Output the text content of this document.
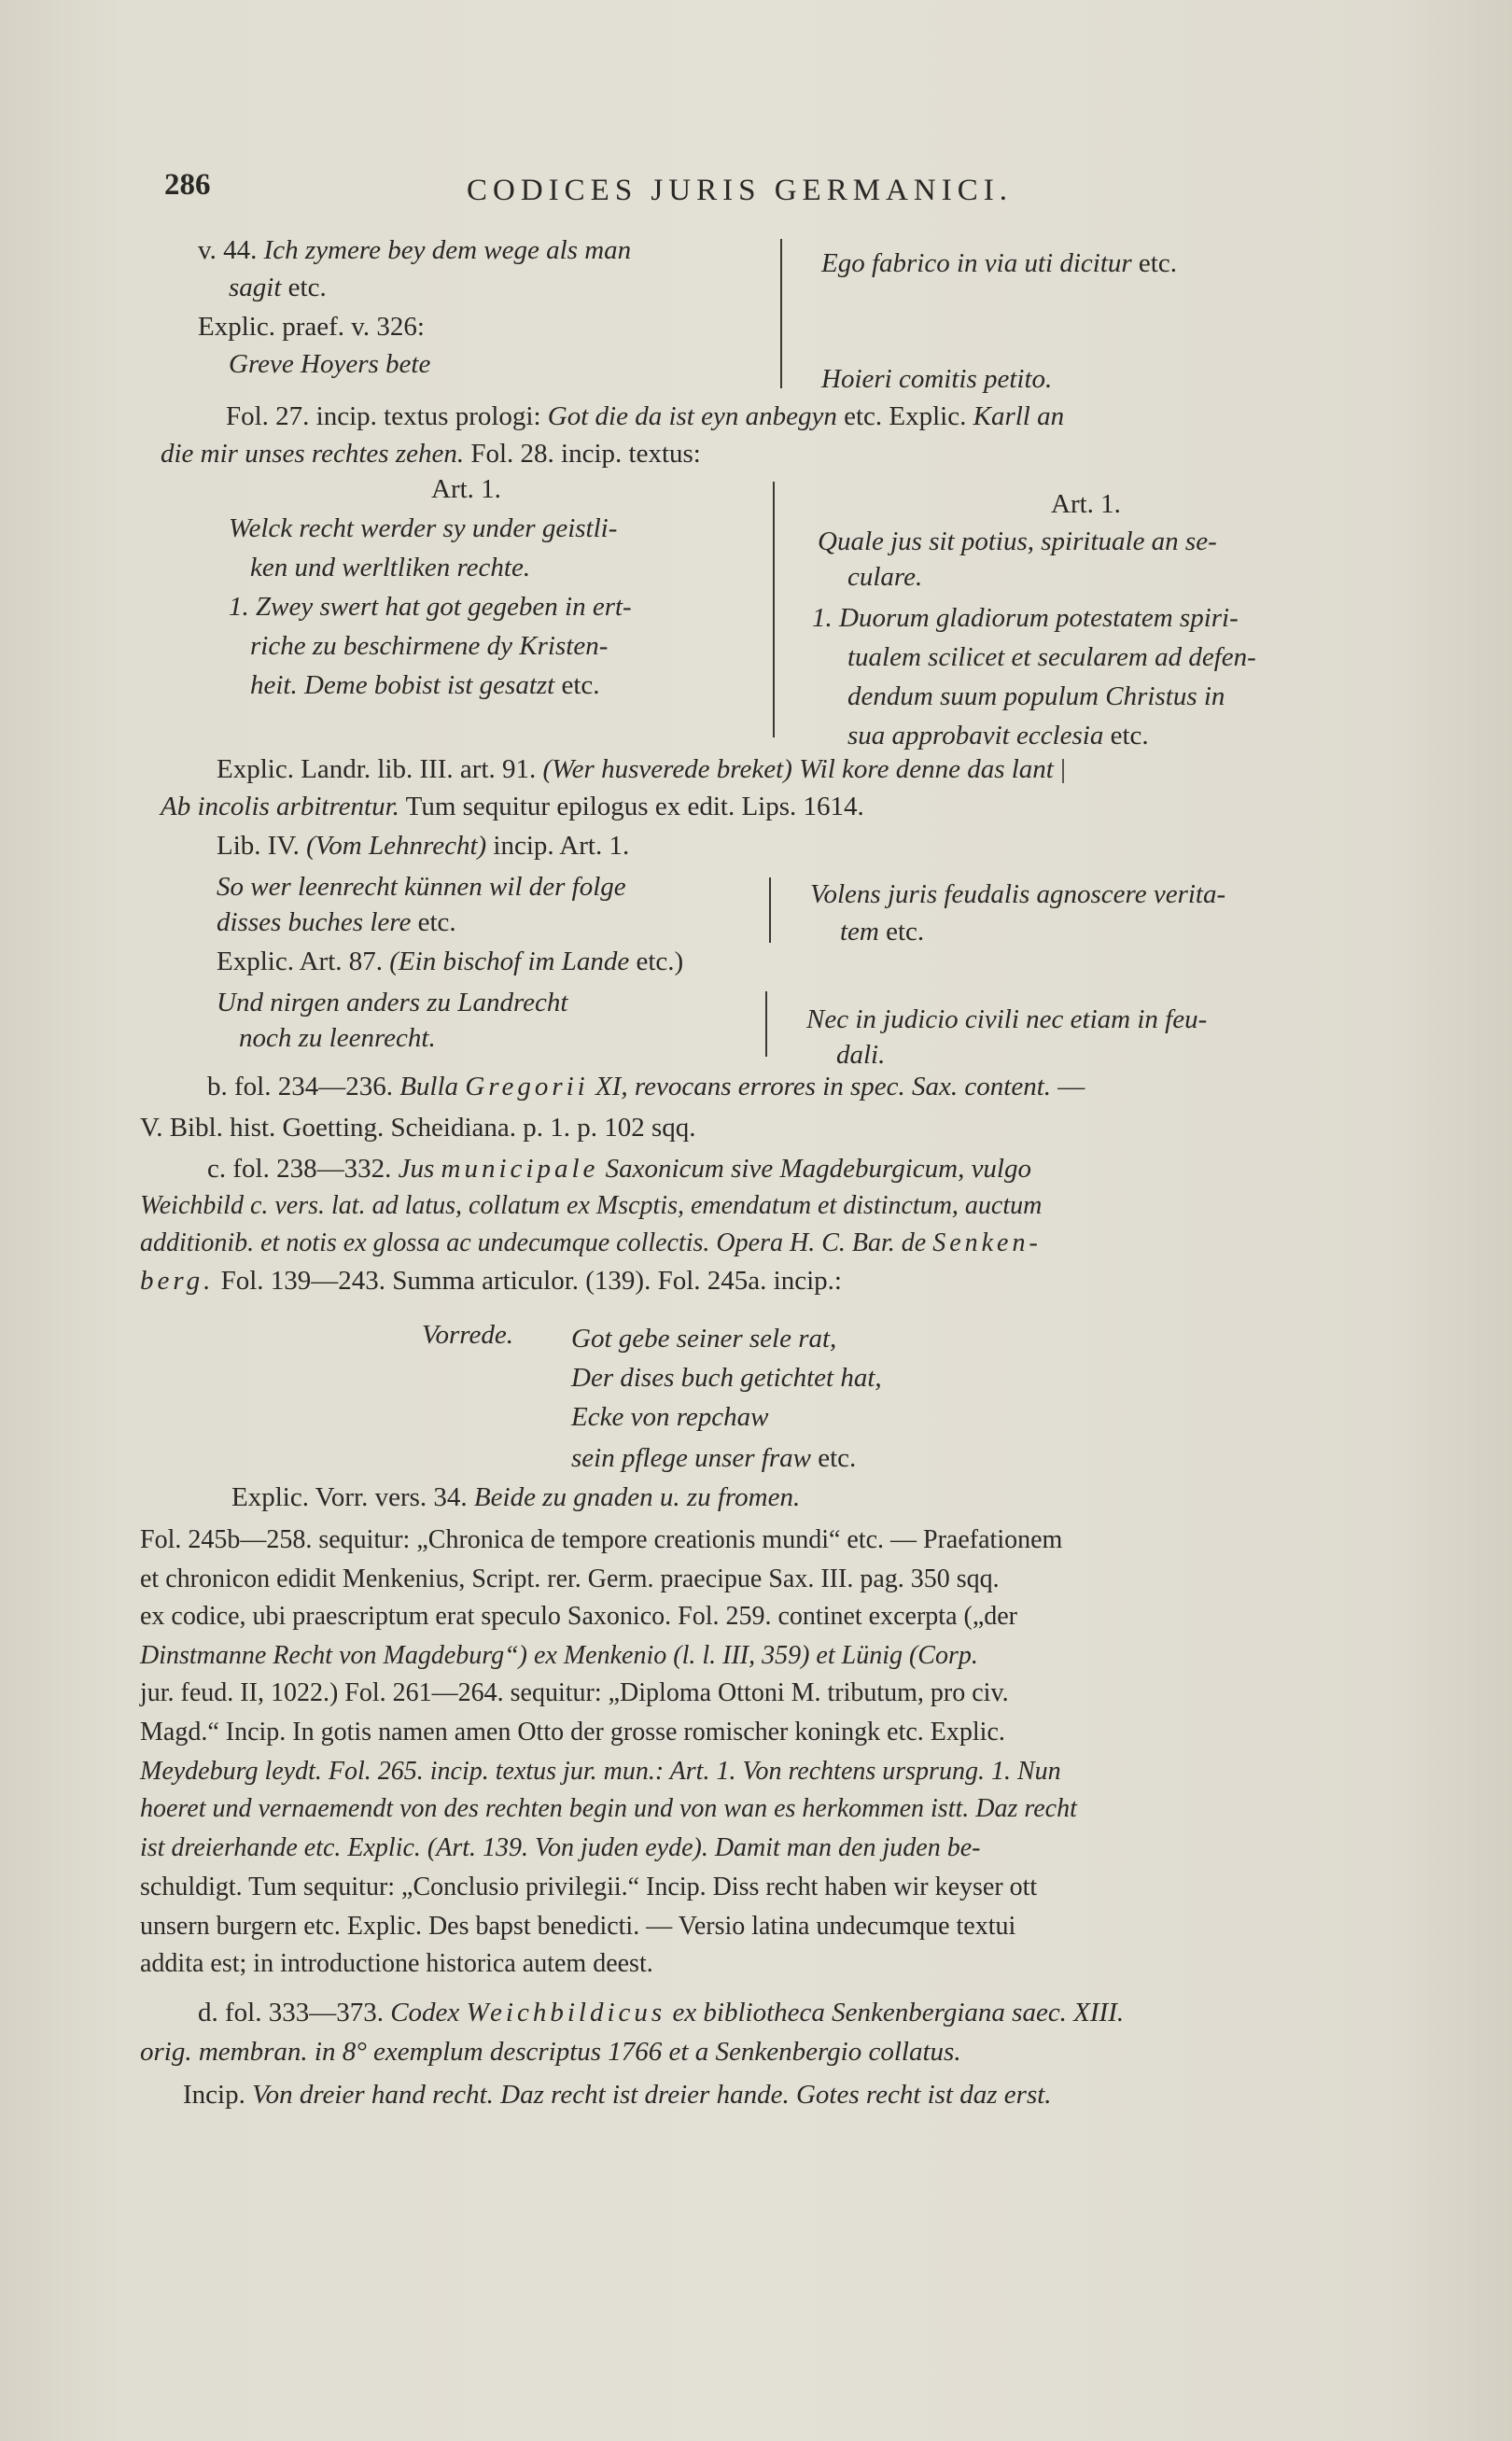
286	CODICES JURIS GERMANICI.
v. 44. Ich zymere bey dem wege als man
sagit etc.
Explic. praef. v. 326:
Greve Hoyers bete
Ego fabrico in via uti dicitur etc.
Hoieri comitis petito.
Fol. 27. incip. textus prologi: Got die da ist eyn anbegyn etc. Explic. Karll an
die mir unses rechtes zehen. Fol. 28. incip. textus:
Art. 1.
Welck recht werder sy under geistli-
ken und werltliken rechte.
1. Zwey swert hat got gegeben in ert-
riche zu beschirmene dy Kristen-
heit. Deme bobist ist gesatzt etc.
Art. 1.
Quale jus sit potius, spirituale an se-
culare.
1. Duorum gladiorum potestatem spiri-
tualem scilicet et secularem ad defen-
dendum suum populum Christus in
sua approbavit ecclesia etc.
Explic. Landr. lib. III. art. 91. (Wer husverede breket) Wil kore denne das lant |
Ab incolis arbitrentur. Tum sequitur epilogus ex edit. Lips. 1614.
Lib. IV. (Vom Lehnrecht) incip. Art. 1.
So wer leenrecht künnen wil der folge
disses buches lere etc.
Volens juris feudalis agnoscere verita-
tem etc.
Explic. Art. 87. (Ein bischof im Lande etc.)
Und nirgen anders zu Landrecht
noch zu leenrecht.
Nec in judicio civili nec etiam in feu-
dali.
b. fol. 234—236. Bulla Gregorii XI, revocans errores in spec. Sax. content. —
V. Bibl. hist. Goetting. Scheidiana. p. 1. p. 102 sqq.
c. fol. 238—332. Jus municipale Saxonicum sive Magdeburgicum, vulgo
Weichbild c. vers. lat. ad latus, collatum ex Mscptis, emendatum et distinctum, auctum
additionib. et notis ex glossa ac undecumque collectis. Opera H. C. Bar. de Senken-
berg. Fol. 139—243. Summa articulor. (139). Fol. 245a. incip.:
Vorrede. Got gebe seiner sele rat,
Der dises buch getichtet hat,
Ecke von repchaw
sein pflege unser fraw etc.
Explic. Vorr. vers. 34. Beide zu gnaden u. zu fromen.
Fol. 245b—258. sequitur: „Chronica de tempore creationis mundi“ etc. — Praefationem
et chronicon edidit Menkenius, Script. rer. Germ. praecipue Sax. III. pag. 350 sqq.
ex codice, ubi praescriptum erat speculo Saxonico. Fol. 259. continet excerpta („der
Dinstmanne Recht von Magdeburg“) ex Menkenio (l. l. III, 359) et Lünig (Corp.
jur. feud. II, 1022.) Fol. 261—264. sequitur: „Diploma Ottoni M. tributum, pro civ.
Magd.“ Incip. In gotis namen amen Otto der grosse romischer koningk etc. Explic.
Meydeburg leydt. Fol. 265. incip. textus jur. mun.: Art. 1. Von rechtens ursprung. 1. Nun
hoeret und vernaemendt von des rechten begin und von wan es herkommen istt. Daz recht
ist dreierhande etc. Explic. (Art. 139. Von juden eyde). Damit man den juden be-
schuldigt. Tum sequitur: „Conclusio privilegii.“ Incip. Diss recht haben wir keyser ott
unsern burgern etc. Explic. Des bapst benedicti. — Versio latina undecumque textui
addita est; in introductione historica autem deest.
d. fol. 333—373. Codex Weichbildicus ex bibliotheca Senkenbergiana saec. XIII.
orig. membran. in 8° exemplum descriptus 1766 et a Senkenbergio collatus.
Incip. Von dreier hand recht. Daz recht ist dreier hande. Gotes recht ist daz erst.
